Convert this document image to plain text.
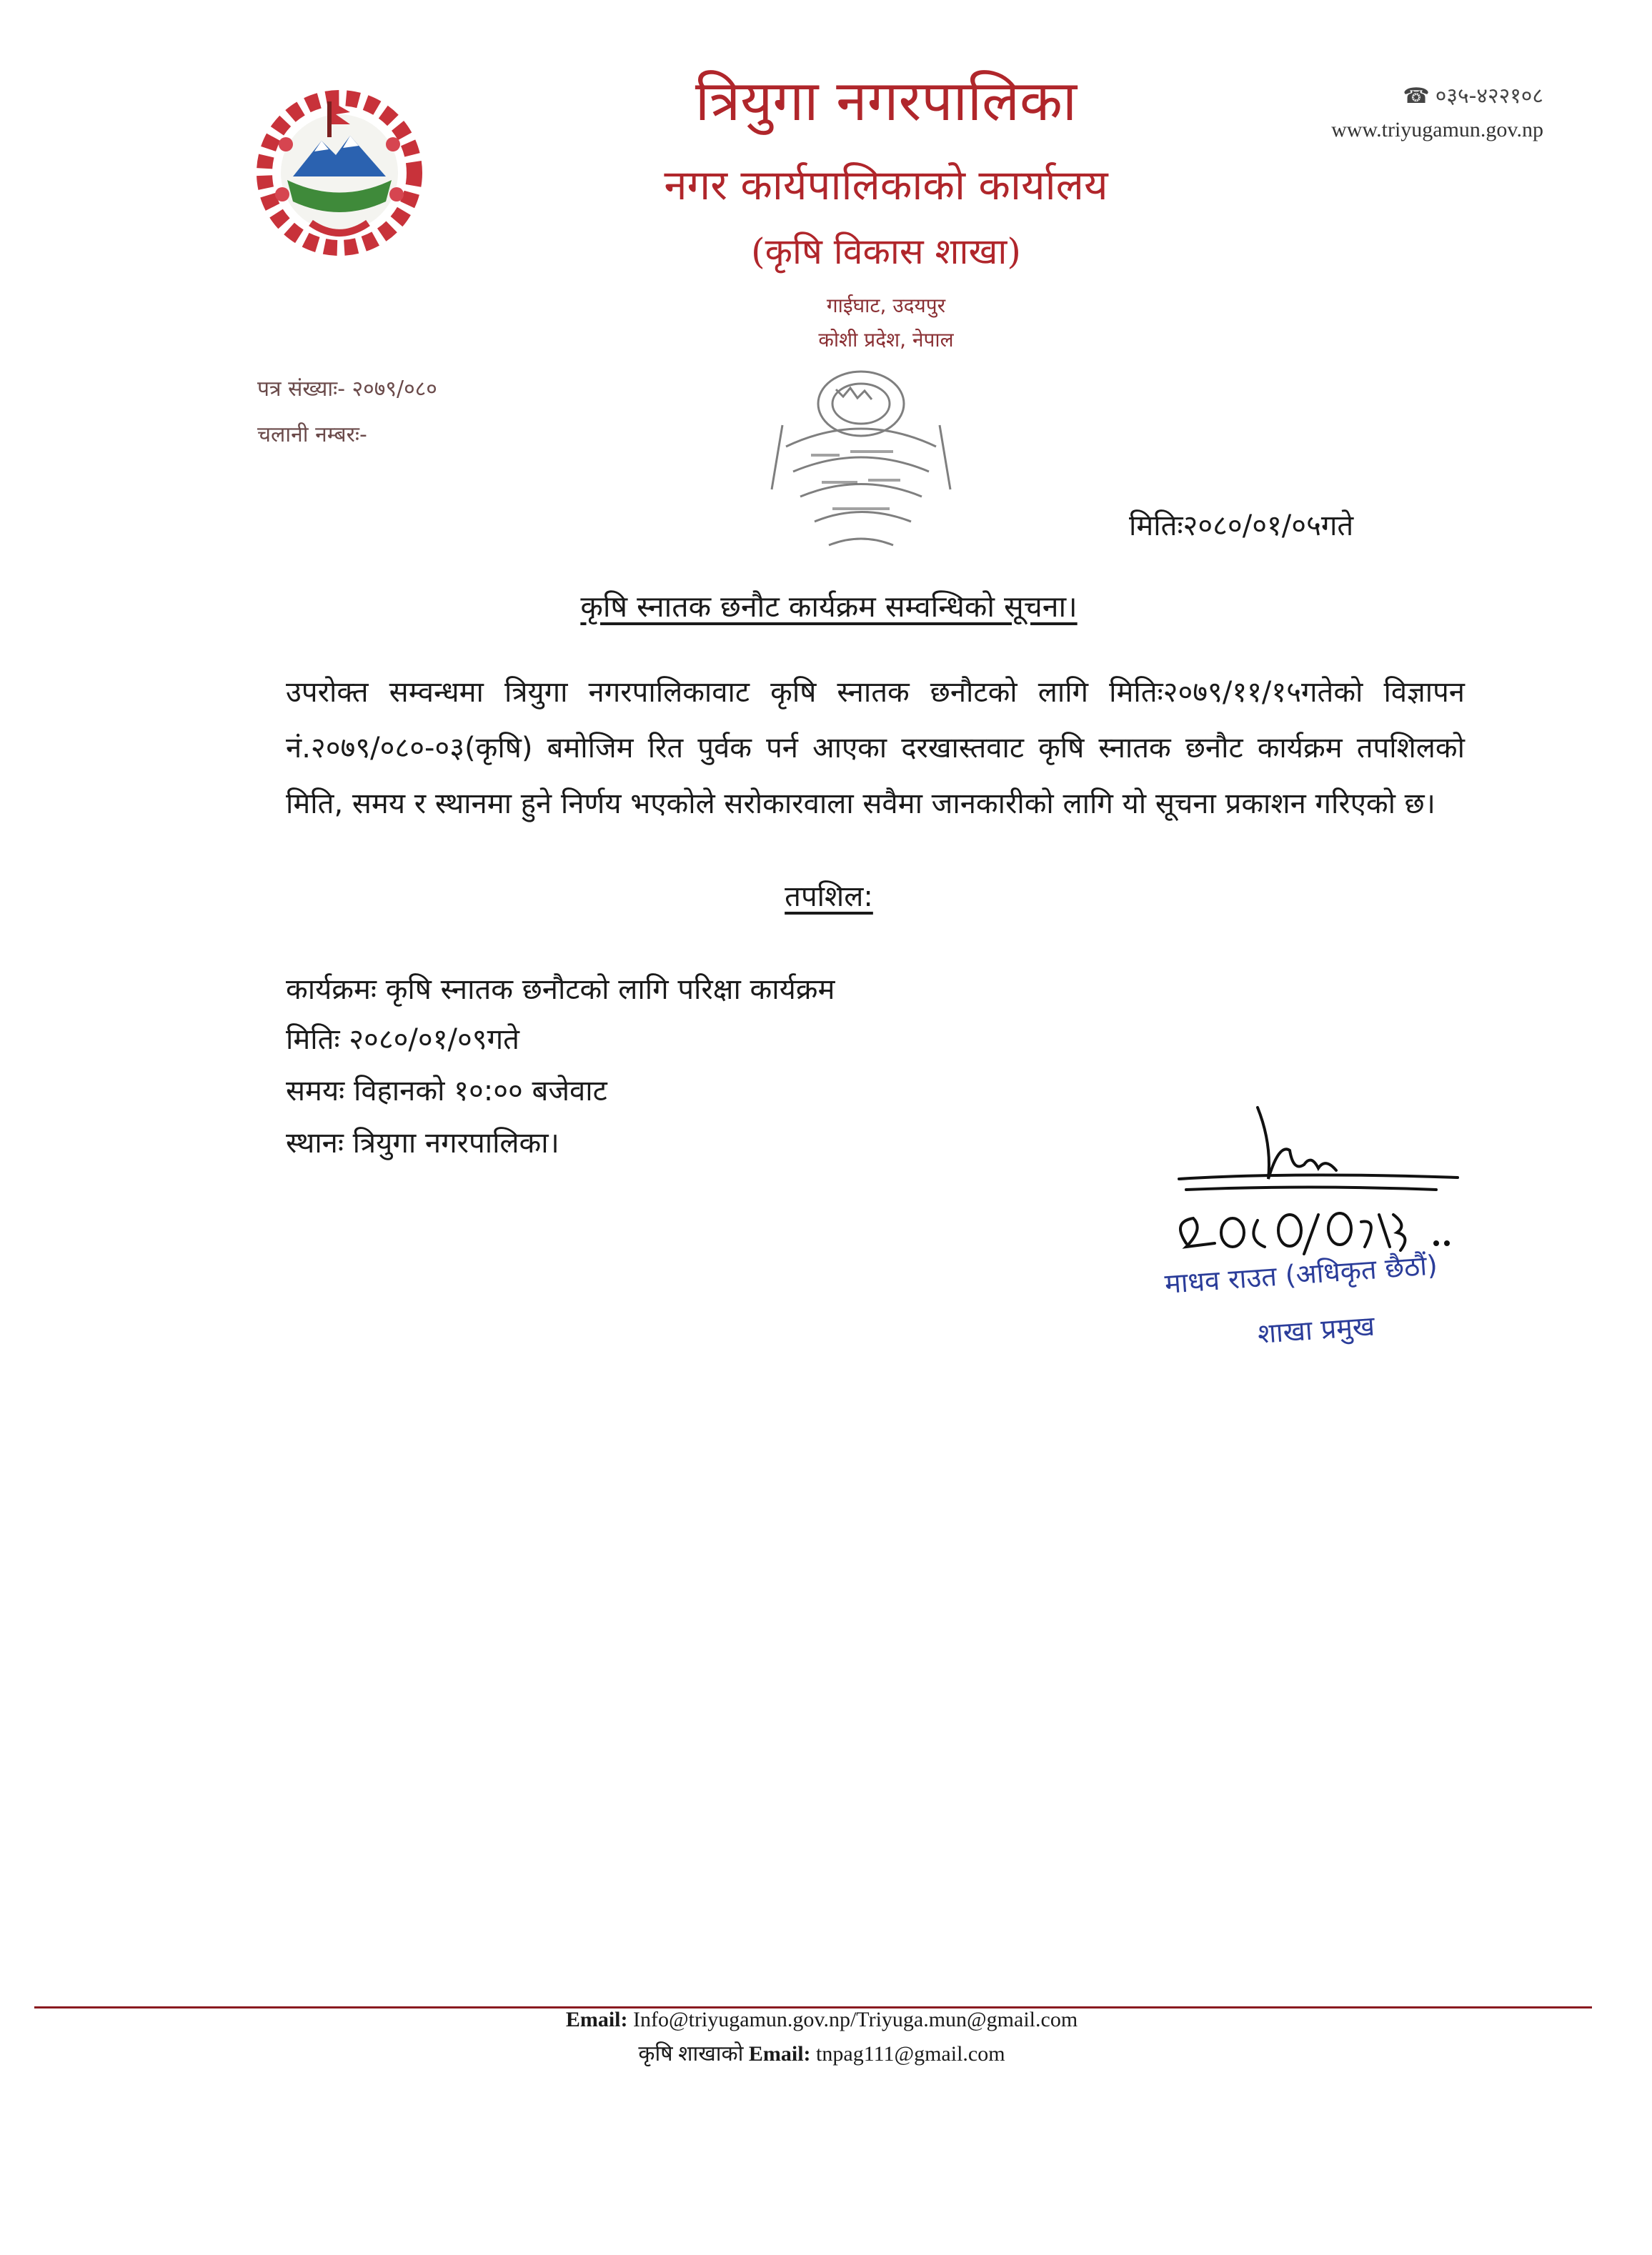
त्रियुगा नगरपालिका
नगर कार्यपालिकाको कार्यालय
(कृषि विकास शाखा)
गाईघाट, उदयपुर
कोशी प्रदेश, नेपाल
☎ ०३५-४२२१०८
www.triyugamun.gov.np
पत्र संख्याः- २०७९/०८०
चलानी नम्बरः-
मितिः२०८०/०१/०५गते
कृषि स्नातक छनौट कार्यक्रम सम्वन्धिको सूचना।
उपरोक्त सम्वन्धमा त्रियुगा नगरपालिकावाट कृषि स्नातक छनौटको लागि मितिः२०७९/११/१५गतेको विज्ञापन नं.२०७९/०८०-०३(कृषि) बमोजिम रित पुर्वक पर्न आएका दरखास्तवाट कृषि स्नातक छनौट कार्यक्रम तपशिलको मिति, समय र स्थानमा हुने निर्णय भएकोले सरोकारवाला सवैमा जानकारीको लागि यो सूचना प्रकाशन गरिएको छ।
तपशिल:
कार्यक्रमः कृषि स्नातक छनौटको लागि परिक्षा कार्यक्रम
मितिः २०८०/०१/०९गते
समयः विहानको १०:०० बजेवाट
स्थानः त्रियुगा नगरपालिका।
माधव राउत (अधिकृत छैठौं)
शाखा प्रमुख
Email: Info@triyugamun.gov.np/Triyuga.mun@gmail.com
कृषि शाखाको Email: tnpag111@gmail.com
